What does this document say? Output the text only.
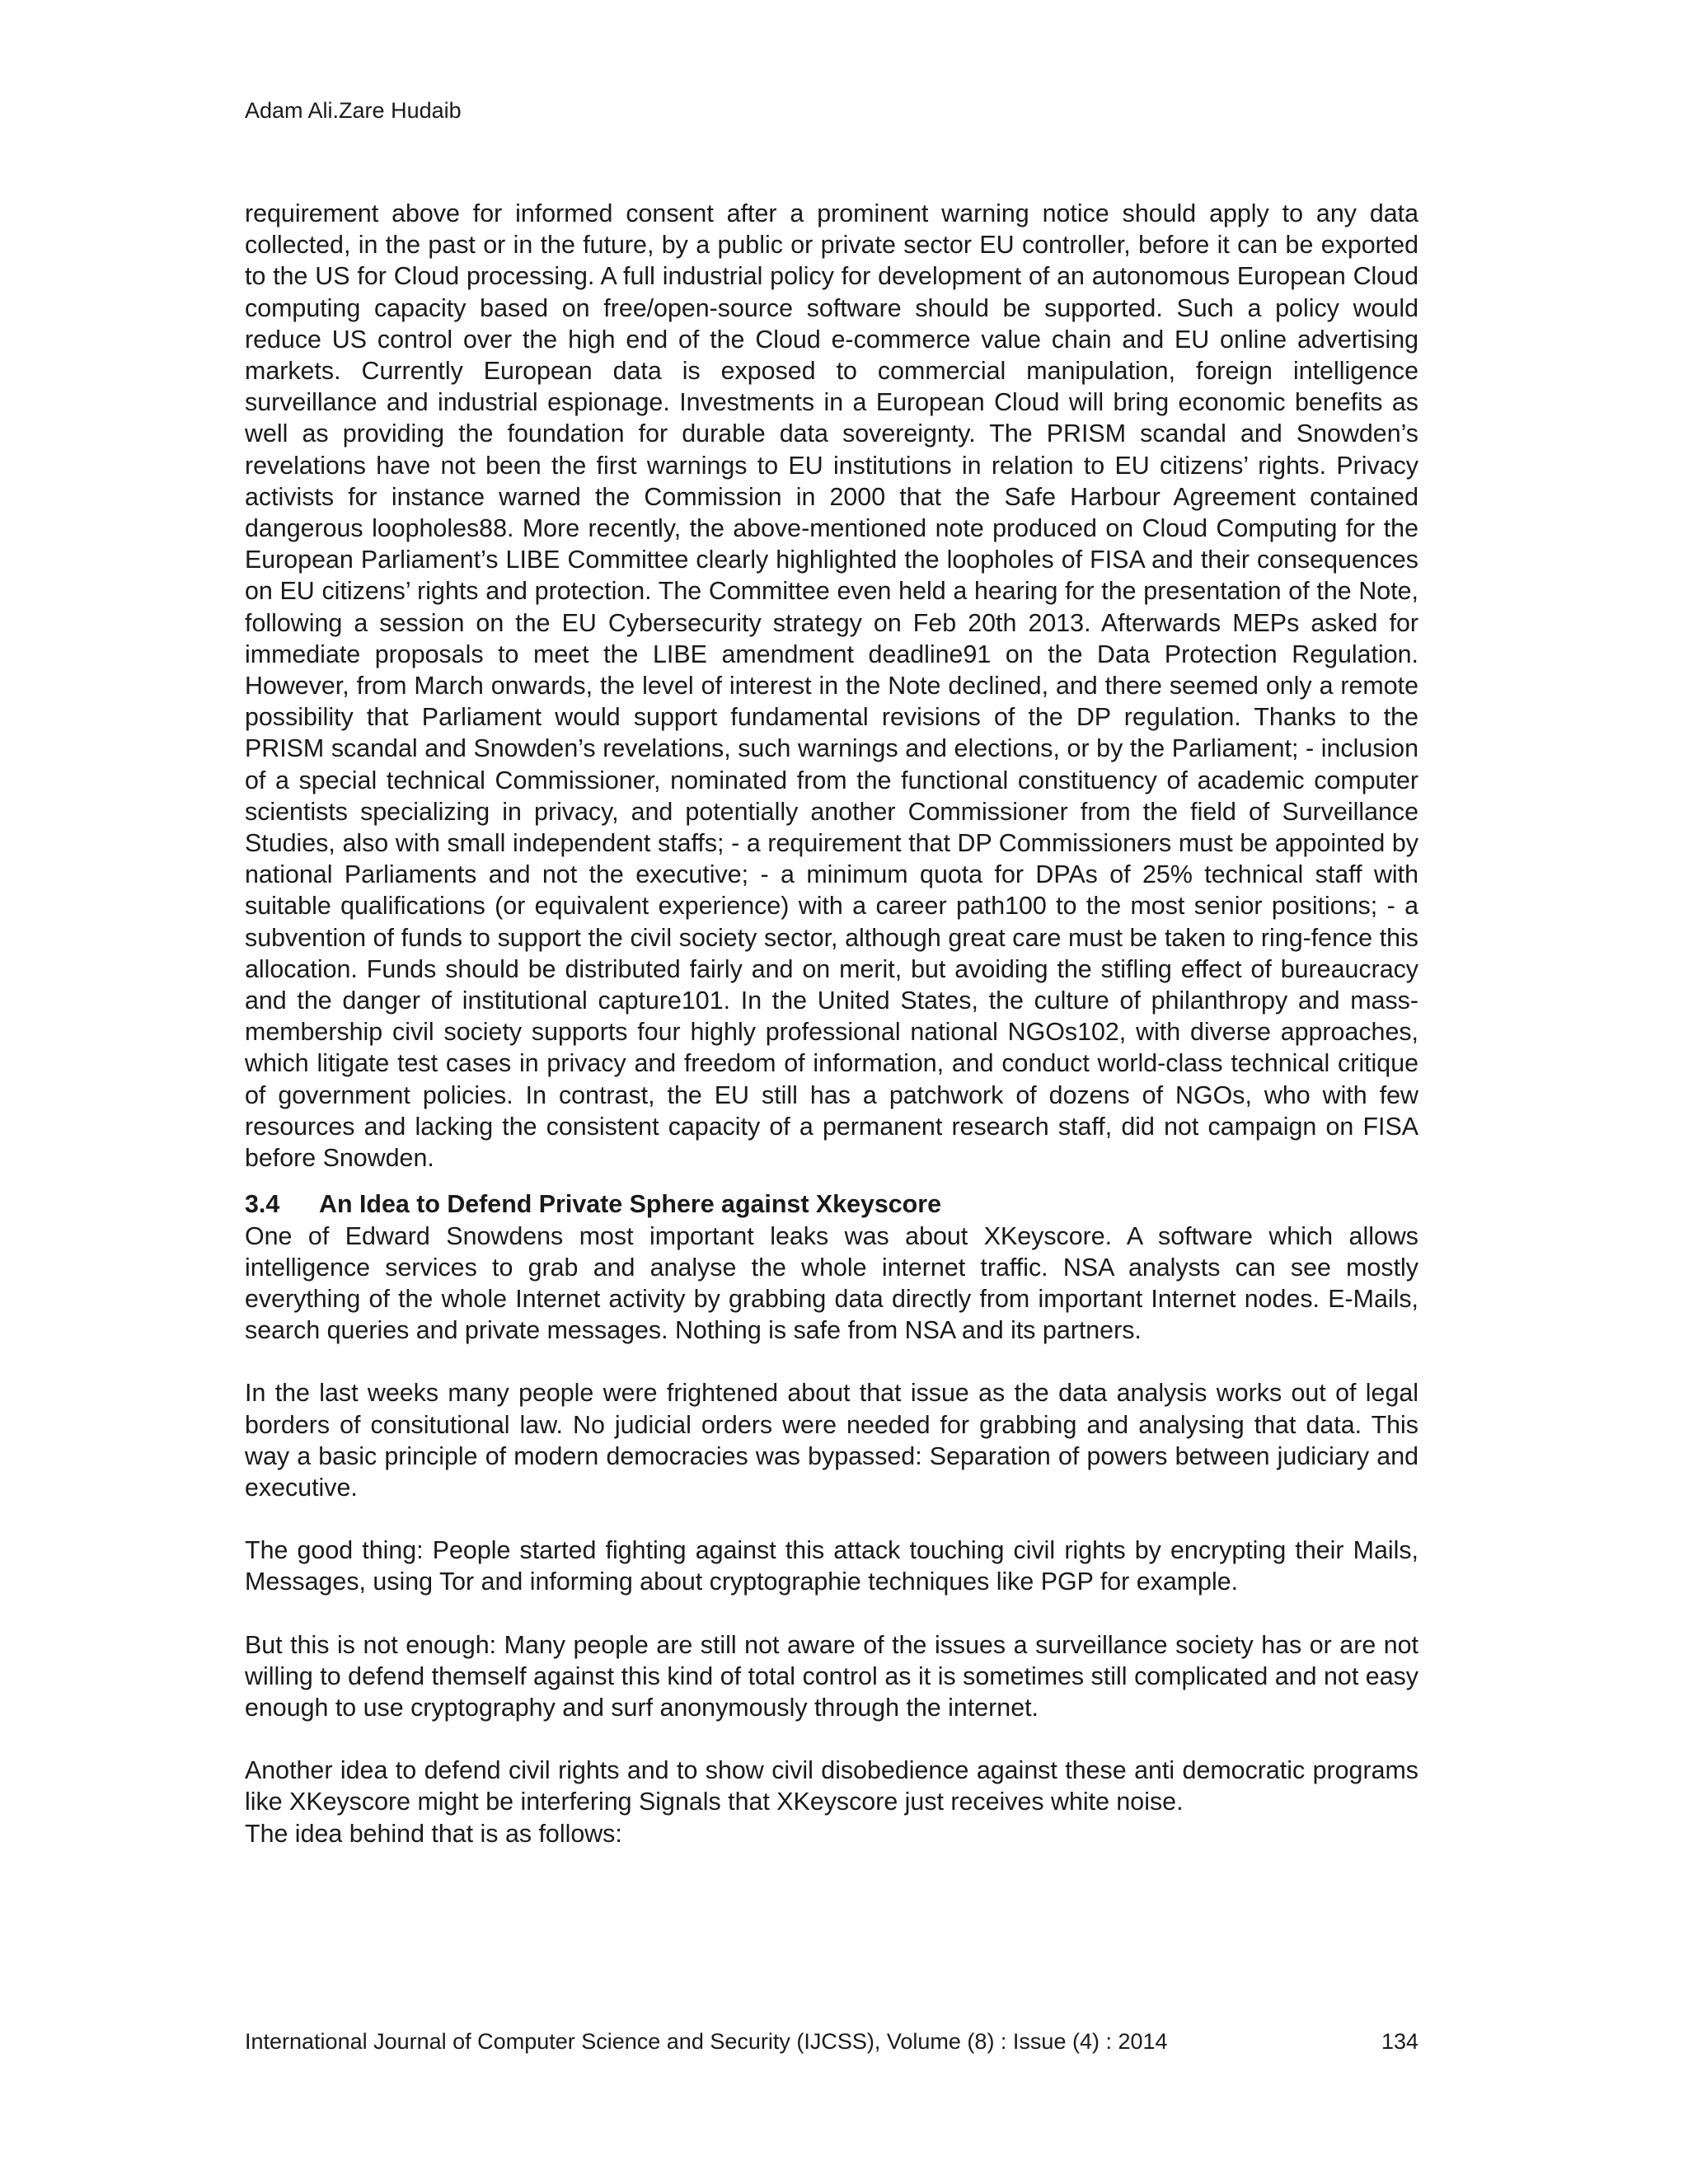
Adam Ali.Zare Hudaib

requirement above for informed consent after a prominent warning notice should apply to any data collected, in the past or in the future, by a public or private sector EU controller, before it can be exported to the US for Cloud processing. A full industrial policy for development of an autonomous European Cloud computing capacity based on free/open-source software should be supported. Such a policy would reduce US control over the high end of the Cloud e-commerce value chain and EU online advertising markets. Currently European data is exposed to commercial manipulation, foreign intelligence surveillance and industrial espionage. Investments in a European Cloud will bring economic benefits as well as providing the foundation for durable data sovereignty. The PRISM scandal and Snowden’s revelations have not been the first warnings to EU institutions in relation to EU citizens’ rights. Privacy activists for instance warned the Commission in 2000 that the Safe Harbour Agreement contained dangerous loopholes88. More recently, the above-mentioned note produced on Cloud Computing for the European Parliament’s LIBE Committee clearly highlighted the loopholes of FISA and their consequences on EU citizens’ rights and protection. The Committee even held a hearing for the presentation of the Note, following a session on the EU Cybersecurity strategy on Feb 20th 2013. Afterwards MEPs asked for immediate proposals to meet the LIBE amendment deadline91 on the Data Protection Regulation. However, from March onwards, the level of interest in the Note declined, and there seemed only a remote possibility that Parliament would support fundamental revisions of the DP regulation. Thanks to the PRISM scandal and Snowden’s revelations, such warnings and elections, or by the Parliament; - inclusion of a special technical Commissioner, nominated from the functional constituency of academic computer scientists specializing in privacy, and potentially another Commissioner from the field of Surveillance Studies, also with small independent staffs; - a requirement that DP Commissioners must be appointed by national Parliaments and not the executive; - a minimum quota for DPAs of 25% technical staff with suitable qualifications (or equivalent experience) with a career path100 to the most senior positions; - a subvention of funds to support the civil society sector, although great care must be taken to ring-fence this allocation. Funds should be distributed fairly and on merit, but avoiding the stifling effect of bureaucracy and the danger of institutional capture101. In the United States, the culture of philanthropy and mass-membership civil society supports four highly professional national NGOs102, with diverse approaches, which litigate test cases in privacy and freedom of information, and conduct world-class technical critique of government policies. In contrast, the EU still has a patchwork of dozens of NGOs, who with few resources and lacking the consistent capacity of a permanent research staff, did not campaign on FISA before Snowden.

3.4 An Idea to Defend Private Sphere against Xkeyscore

One of Edward Snowdens most important leaks was about XKeyscore. A software which allows intelligence services to grab and analyse the whole internet traffic. NSA analysts can see mostly everything of the whole Internet activity by grabbing data directly from important Internet nodes. E-Mails, search queries and private messages. Nothing is safe from NSA and its partners.

In the last weeks many people were frightened about that issue as the data analysis works out of legal borders of consitutional law. No judicial orders were needed for grabbing and analysing that data. This way a basic principle of modern democracies was bypassed: Separation of powers between judiciary and executive.

The good thing: People started fighting against this attack touching civil rights by encrypting their Mails, Messages, using Tor and informing about cryptographie techniques like PGP for example.

But this is not enough: Many people are still not aware of the issues a surveillance society has or are not willing to defend themself against this kind of total control as it is sometimes still complicated and not easy enough to use cryptography and surf anonymously through the internet.

Another idea to defend civil rights and to show civil disobedience against these anti democratic programs like XKeyscore might be interfering Signals that XKeyscore just receives white noise.

The idea behind that is as follows:
International Journal of Computer Science and Security (IJCSS), Volume (8) : Issue (4) : 2014	134
